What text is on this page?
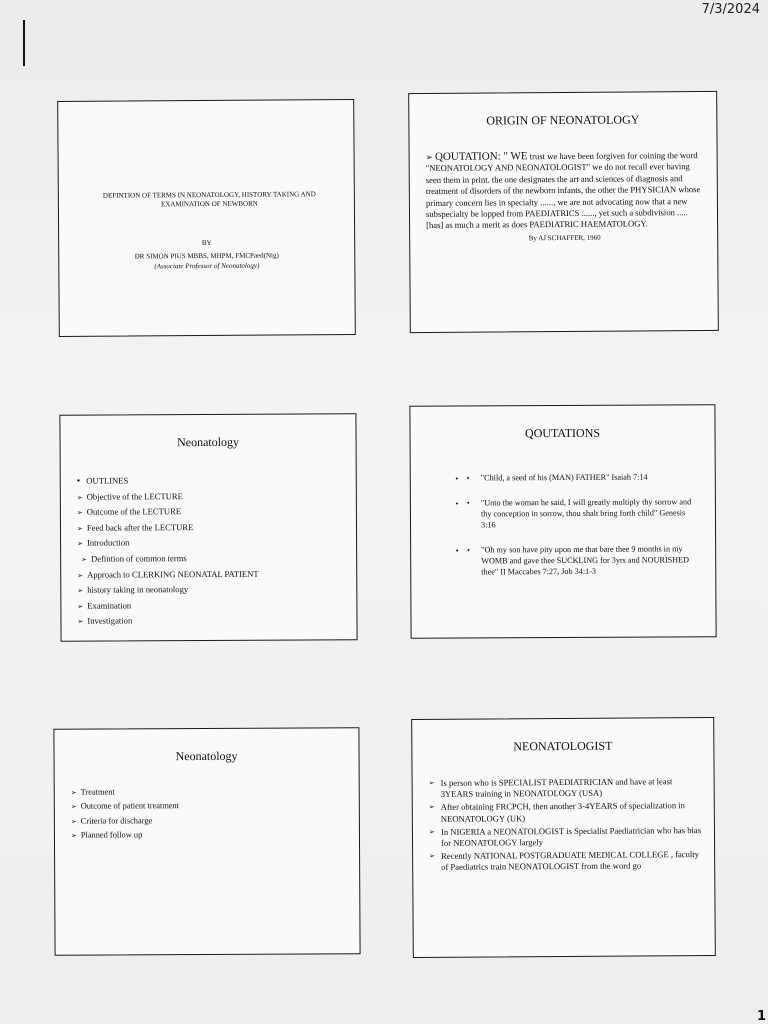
7/3/2024
DEFINTION OF TERMS IN NEONATOLOGY, HISTORY TAKING AND EXAMINATION OF NEWBORN
BY
DR SIMON PIUS MBBS, MHPM, FMCPaed(Nig)
(Associate Professor of Neonatology)
ORIGIN OF NEONATOLOGY
➢ QOUTATION: " WE trust we have been forgiven for coining the word "NEONATOLOGY AND NEONATOLOGIST" we do not recall ever having seen them in print. the one designates the art and sciences of diagnosis and treatment of disorders of the newborn infants, the other the PHYSICIAN whose primary concern lies in specialty ......, we are not advocating now that a new subspecialty be lopped from PAEDIATRICS ......, yet such a subdivision ..... [has] as much a merit as does PAEDIATRIC HAEMATOLOGY.
By AJ SCHAFFER, 1960
Neonatology
• OUTLINES
➢ Objective of the LECTURE
➢ Outcome of the LECTURE
➢ Feed back after the LECTURE
➢ Introduction
➢ Defintion of common terms
➢ Approach to CLERKING NEONATAL PATIENT
➢ history taking in neonatology
➢ Examination
➢ Investigation
QOUTATIONS
• • "Child, a seed of his (MAN) FATHER" Isaiah 7:14
• • "Unto the woman he said, I will greatly multiply thy sorrow and thy conception in sorrow, thou shalt bring forth child" Genesis 3:16
• • "Oh my son have pity upon me that bare thee 9 months in my WOMB and gave thee SUCKLING for 3yrs and NOURISHED thee" II Maccabes 7:27, Job 34:1-3
Neonatology
➢ Treatment
➢ Outcome of patient treatment
➢ Criteria for discharge
➢ Planned follow up
NEONATOLOGIST
➢ Is person who is SPECIALIST PAEDIATRICIAN and have at least 3YEARS training in NEONATOLOGY (USA)
➢ After obtaining FRCPCH, then another 3-4YEARS of specialization in NEONATOLOGY (UK)
➢ In NIGERIA a NEONATOLOGIST is Specialist Paediatrician who has bias for NEONATOLOGY largely
➢ Recently NATIONAL POSTGRADUATE MEDICAL COLLEGE , faculty of Paediatrics train NEONATOLOGIST from the word go
1
